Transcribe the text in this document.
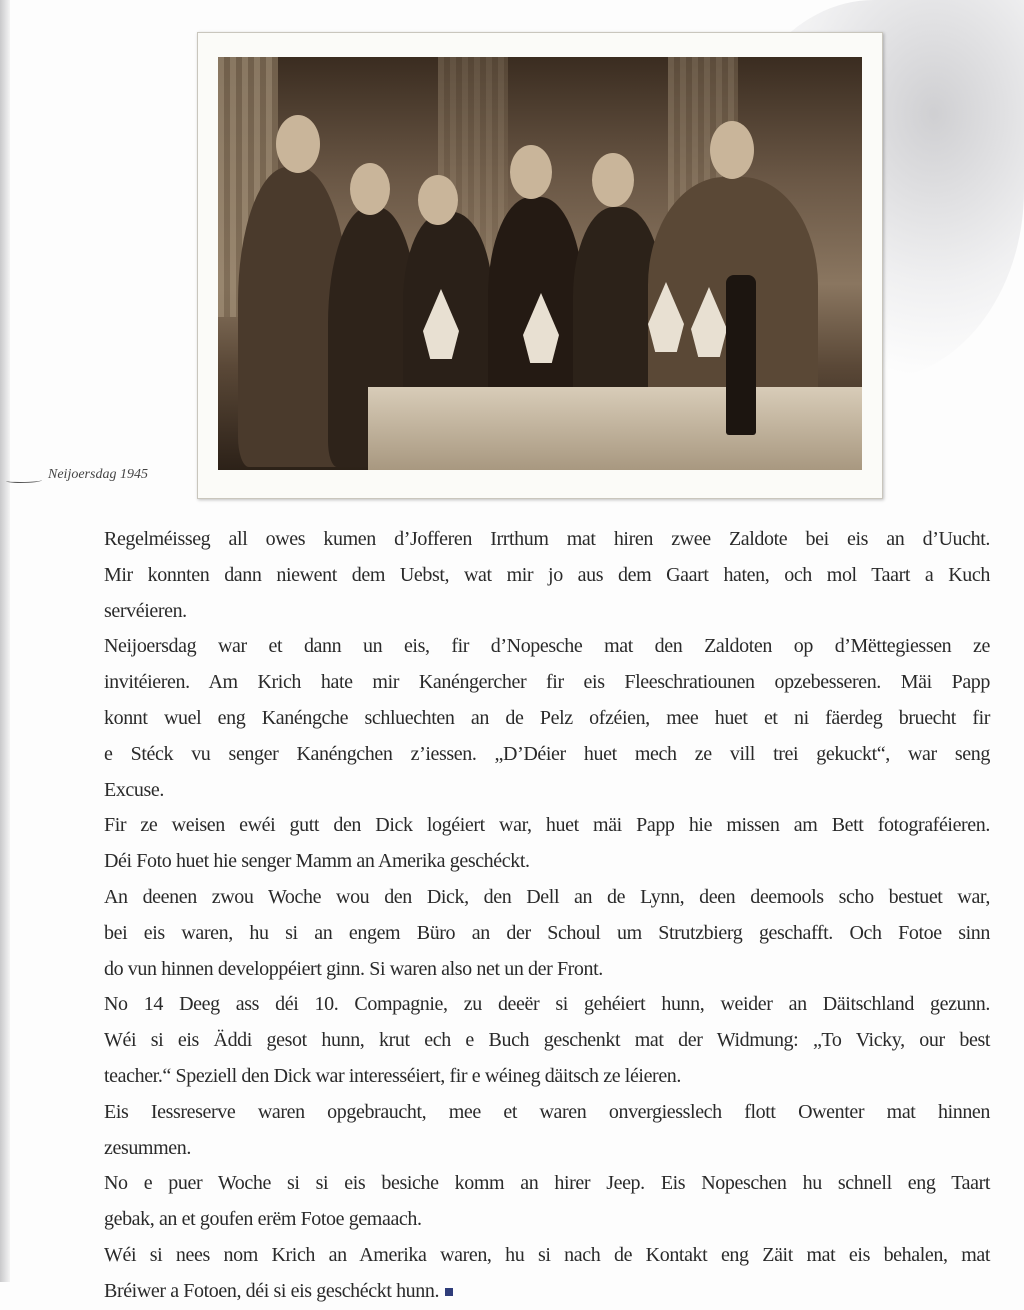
Neijoersdag 1945
Regelméisseg all owes kumen d’Jofferen Irrthum mat hiren zwee Zaldote bei eis an d’Uucht.
Mir konnten dann niewent dem Uebst, wat mir jo aus dem Gaart haten, och mol Taart a Kuch
servéieren.
Neijoersdag war et dann un eis, fir d’Nopesche mat den Zaldoten op d’Mëttegiessen ze
invitéieren. Am Krich hate mir Kanéngercher fir eis Fleeschratiounen opzebesseren. Mäi Papp
konnt wuel eng Kanéngche schluechten an de Pelz ofzéien, mee huet et ni fäerdeg bruecht fir
e Stéck vu senger Kanéngchen z’iessen. „D’Déier huet mech ze vill trei gekuckt“, war seng
Excuse.
Fir ze weisen ewéi gutt den Dick logéiert war, huet mäi Papp hie missen am Bett fotograféieren.
Déi Foto huet hie senger Mamm an Amerika geschéckt.
An deenen zwou Woche wou den Dick, den Dell an de Lynn, deen deemools scho bestuet war,
bei eis waren, hu si an engem Büro an der Schoul um Strutzbierg geschafft. Och Fotoe sinn
do vun hinnen developpéiert ginn. Si waren also net un der Front.
No 14 Deeg ass déi 10. Compagnie, zu deeër si gehéiert hunn, weider an Däitschland gezunn.
Wéi si eis Äddi gesot hunn, krut ech e Buch geschenkt mat der Widmung: „To Vicky, our best
teacher.“ Speziell den Dick war interesséiert, fir e wéineg däitsch ze léieren.
Eis Iessreserve waren opgebraucht, mee et waren onvergiesslech flott Owenter mat hinnen
zesummen.
No e puer Woche si si eis besiche komm an hirer Jeep. Eis Nopeschen hu schnell eng Taart
gebak, an et goufen erëm Fotoe gemaach.
Wéi si nees nom Krich an Amerika waren, hu si nach de Kontakt eng Zäit mat eis behalen, mat
Bréiwer a Fotoen, déi si eis geschéckt hunn.
